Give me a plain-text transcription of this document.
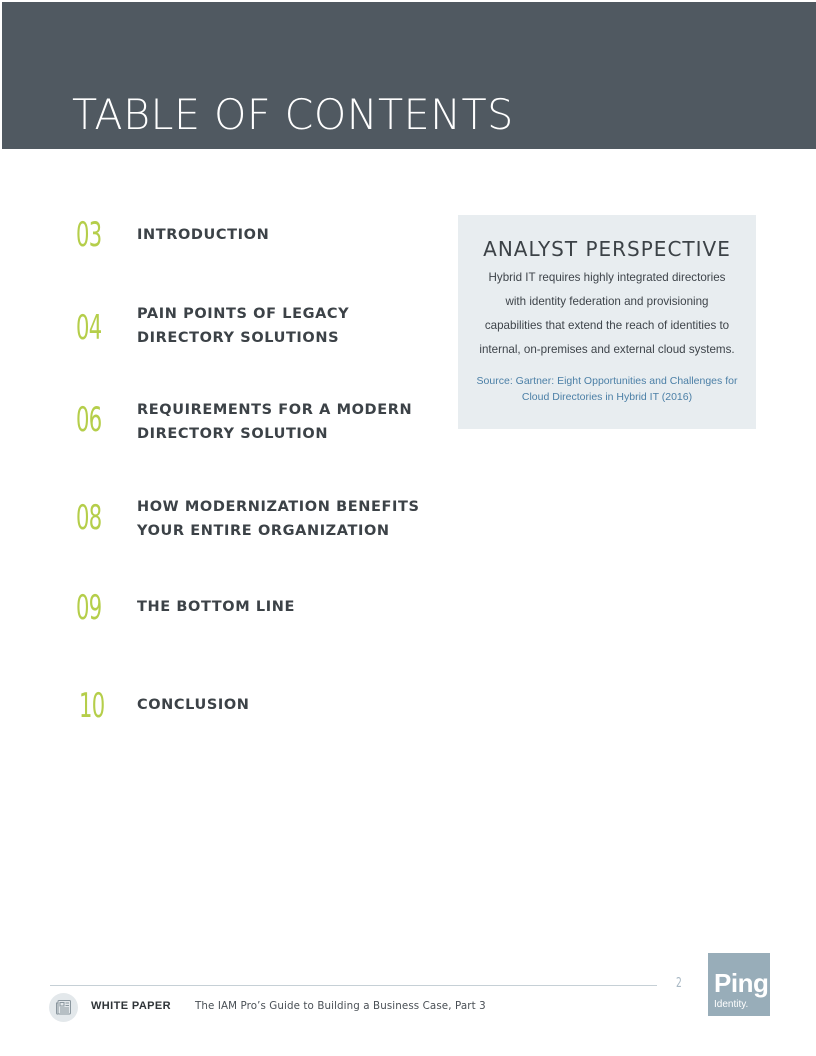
TABLE OF CONTENTS
03 INTRODUCTION
04 PAIN POINTS OF LEGACY
DIRECTORY SOLUTIONS
06 REQUIREMENTS FOR A MODERN
DIRECTORY SOLUTION
08 HOW MODERNIZATION BENEFITS
YOUR ENTIRE ORGANIZATION
09 THE BOTTOM LINE
10 CONCLUSION
ANALYST PERSPECTIVE
Hybrid IT requires highly integrated directories
with identity federation and provisioning
capabilities that extend the reach of identities to
internal, on-premises and external cloud systems.
Source: Gartner: Eight Opportunities and Challenges for
Cloud Directories in Hybrid IT (2016)
2 Ping
Identity.
WHITE PAPER The IAM Pro’s Guide to Building a Business Case, Part 3
